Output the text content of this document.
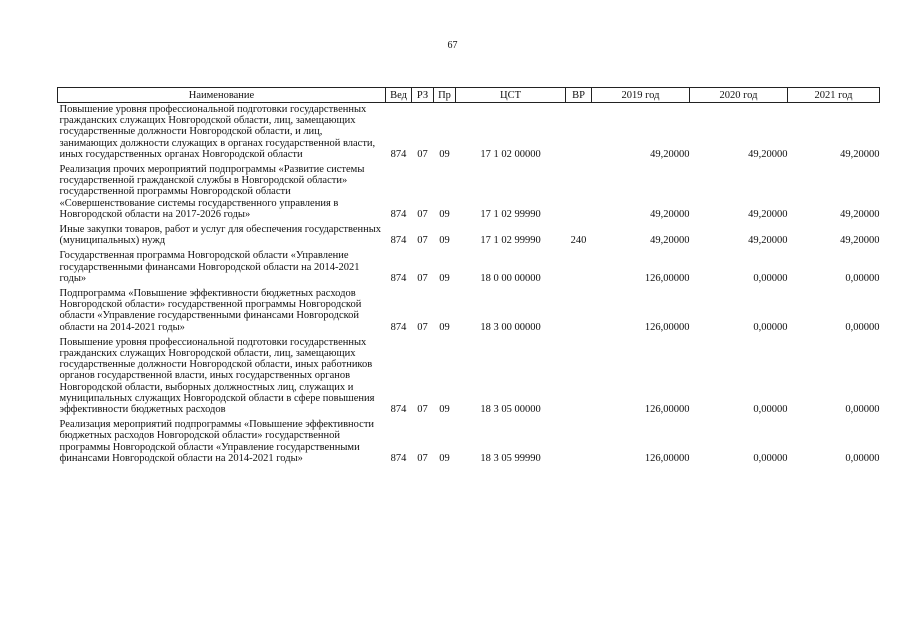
67
Наименование	Вед	РЗ	Пр	ЦСТ	ВР	2019 год	2020 год	2021 год
Повышение уровня профессиональной подготовки государственных гражданских служащих Новгородской области, лиц, замещающих государственные должности Новгородской области, и лиц, занимающих должности служащих в органах государственной власти, иных государственных органах Новгородской области	874	07	09	17 1 02 00000		49,20000	49,20000	49,20000
Реализация прочих мероприятий подпрограммы «Развитие системы государственной гражданской службы в Новгородской области» государственной программы Новгородской области «Совершенствование системы государственного управления в Новгородской области на 2017-2026 годы»	874	07	09	17 1 02 99990		49,20000	49,20000	49,20000
Иные закупки товаров, работ и услуг для обеспечения государственных (муниципальных) нужд	874	07	09	17 1 02 99990	240	49,20000	49,20000	49,20000
Государственная программа Новгородской области «Управление государственными финансами Новгородской области на 2014-2021 годы»	874	07	09	18 0 00 00000		126,00000	0,00000	0,00000
Подпрограмма «Повышение эффективности бюджетных расходов Новгородской области» государственной программы Новгородской области «Управление государственными финансами Новгородской области на 2014-2021 годы»	874	07	09	18 3 00 00000		126,00000	0,00000	0,00000
Повышение уровня профессиональной подготовки государственных гражданских служащих Новгородской области, лиц, замещающих государственные должности Новгородской области, иных работников органов государственной власти, иных государственных органов Новгородской области, выборных должностных лиц, служащих и муниципальных служащих Новгородской области в сфере повышения эффективности бюджетных расходов	874	07	09	18 3 05 00000		126,00000	0,00000	0,00000
Реализация мероприятий подпрограммы «Повышение эффективности бюджетных расходов Новгородской области» государственной программы Новгородской области «Управление государственными финансами Новгородской области на 2014-2021 годы»	874	07	09	18 3 05 99990		126,00000	0,00000	0,00000
